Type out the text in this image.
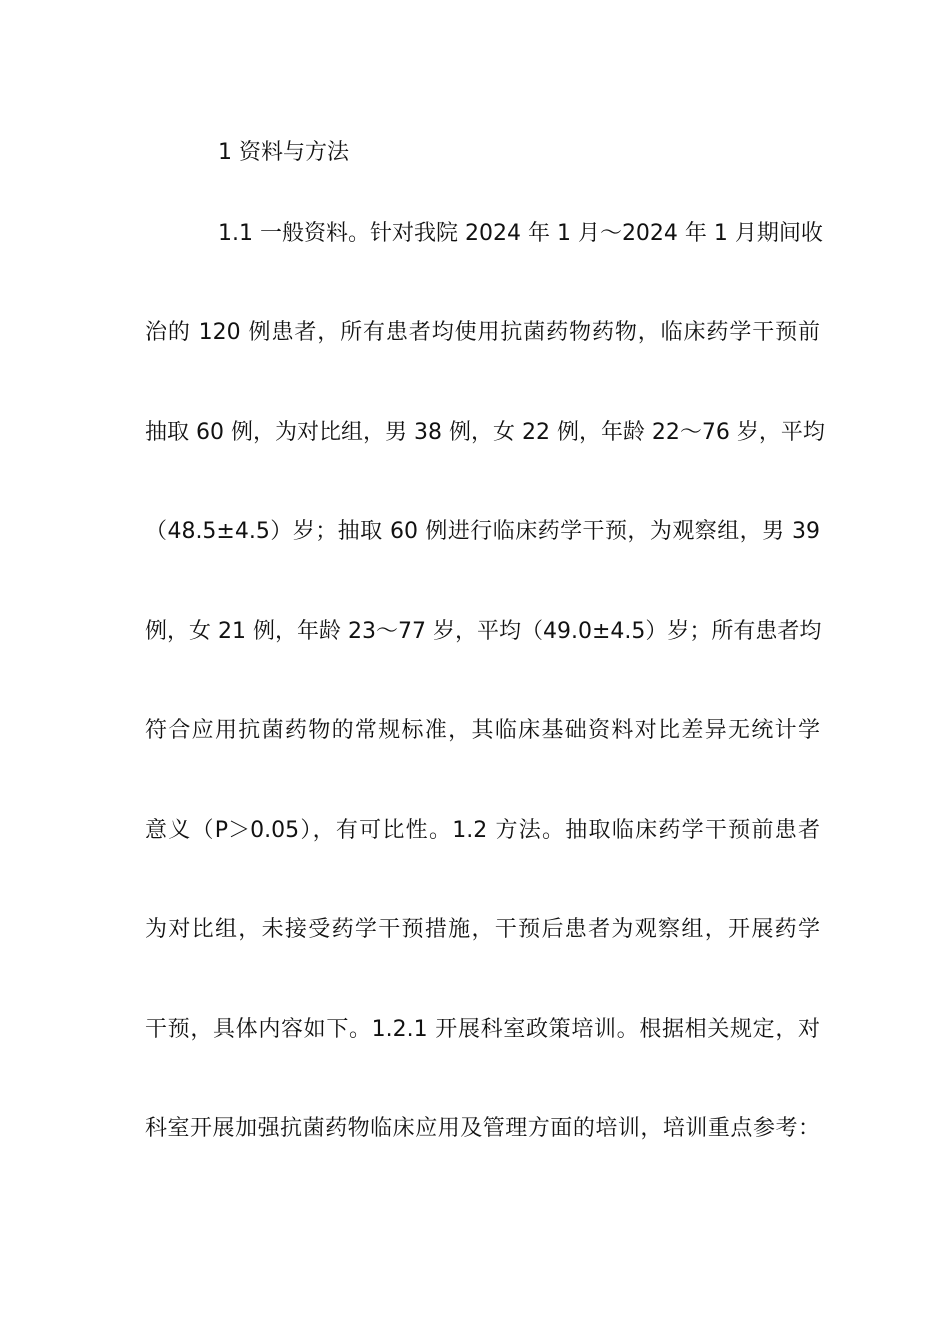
1 资料与方法
1.1 一般资料。针对我院 2024 年 1 月～2024 年 1 月期间收
治的 120 例患者，所有患者均使用抗菌药物药物，临床药学干预前
抽取 60 例，为对比组，男 38 例，女 22 例，年龄 22～76 岁，平均
（48.5±4.5）岁；抽取 60 例进行临床药学干预，为观察组，男 39
例，女 21 例，年龄 23～77 岁，平均（49.0±4.5）岁；所有患者均
符合应用抗菌药物的常规标准，其临床基础资料对比差异无统计学
意义（P＞0.05），有可比性。1.2 方法。抽取临床药学干预前患者
为对比组，未接受药学干预措施，干预后患者为观察组，开展药学
干预，具体内容如下。1.2.1 开展科室政策培训。根据相关规定，对
科室开展加强抗菌药物临床应用及管理方面的培训，培训重点参考：
